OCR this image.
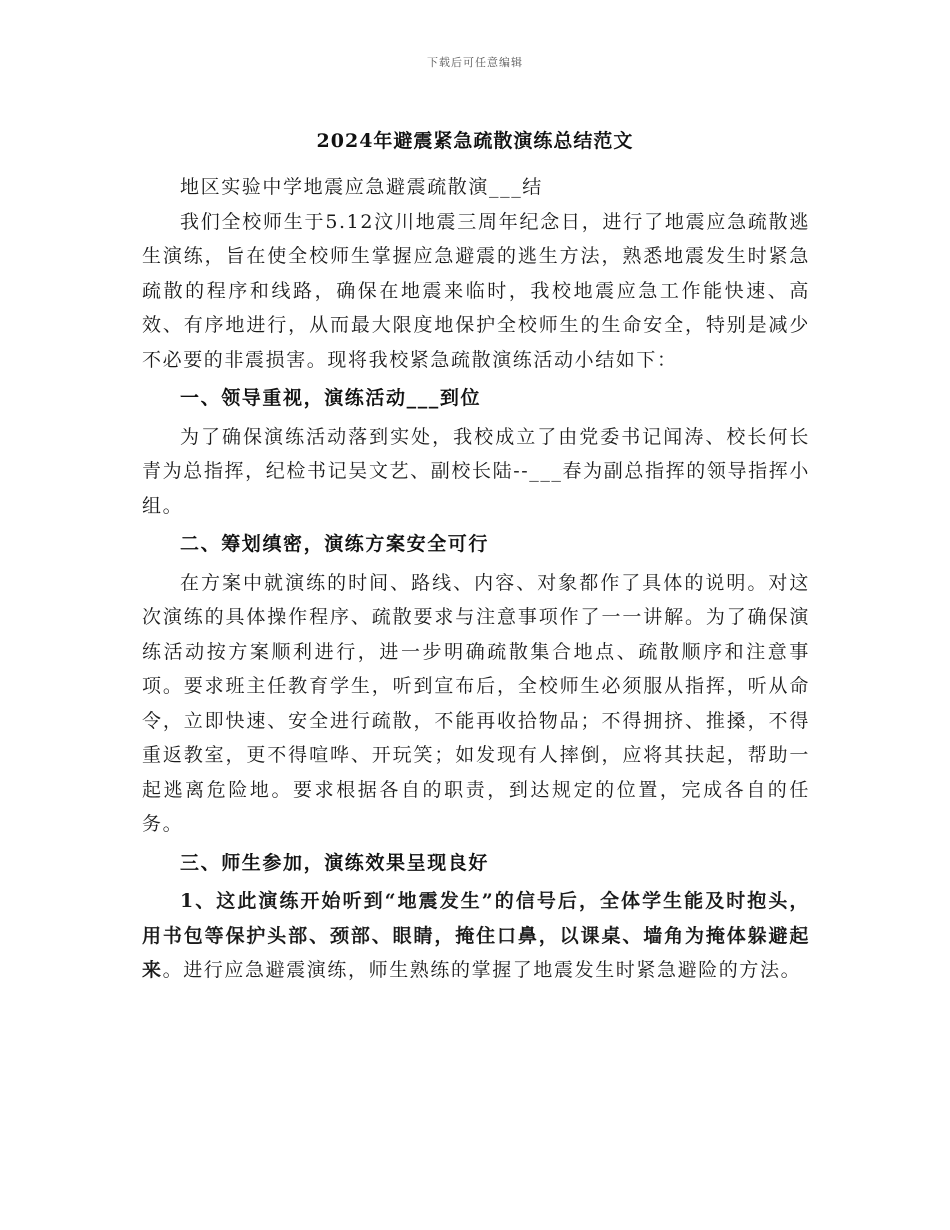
下载后可任意编辑
2024年避震紧急疏散演练总结范文

地区实验中学地震应急避震疏散演___结

我们全校师生于5.12汶川地震三周年纪念日，进行了地震应急疏散逃生演练，旨在使全校师生掌握应急避震的逃生方法，熟悉地震发生时紧急疏散的程序和线路，确保在地震来临时，我校地震应急工作能快速、高效、有序地进行，从而最大限度地保护全校师生的生命安全，特别是减少不必要的非震损害。现将我校紧急疏散演练活动小结如下：

一、领导重视，演练活动___到位

为了确保演练活动落到实处，我校成立了由党委书记闻涛、校长何长青为总指挥，纪检书记吴文艺、副校长陆--___春为副总指挥的领导指挥小组。

二、筹划缜密，演练方案安全可行

在方案中就演练的时间、路线、内容、对象都作了具体的说明。对这次演练的具体操作程序、疏散要求与注意事项作了一一讲解。为了确保演练活动按方案顺利进行，进一步明确疏散集合地点、疏散顺序和注意事项。要求班主任教育学生，听到宣布后，全校师生必须服从指挥，听从命令，立即快速、安全进行疏散，不能再收拾物品；不得拥挤、推搡，不得重返教室，更不得喧哗、开玩笑；如发现有人摔倒，应将其扶起，帮助一起逃离危险地。要求根据各自的职责，到达规定的位置，完成各自的任务。

三、师生参加，演练效果呈现良好

1、这此演练开始听到“地震发生”的信号后，全体学生能及时抱头，用书包等保护头部、颈部、眼睛，掩住口鼻，以课桌、墙角为掩体躲避起来。进行应急避震演练，师生熟练的掌握了地震发生时紧急避险的方法。
